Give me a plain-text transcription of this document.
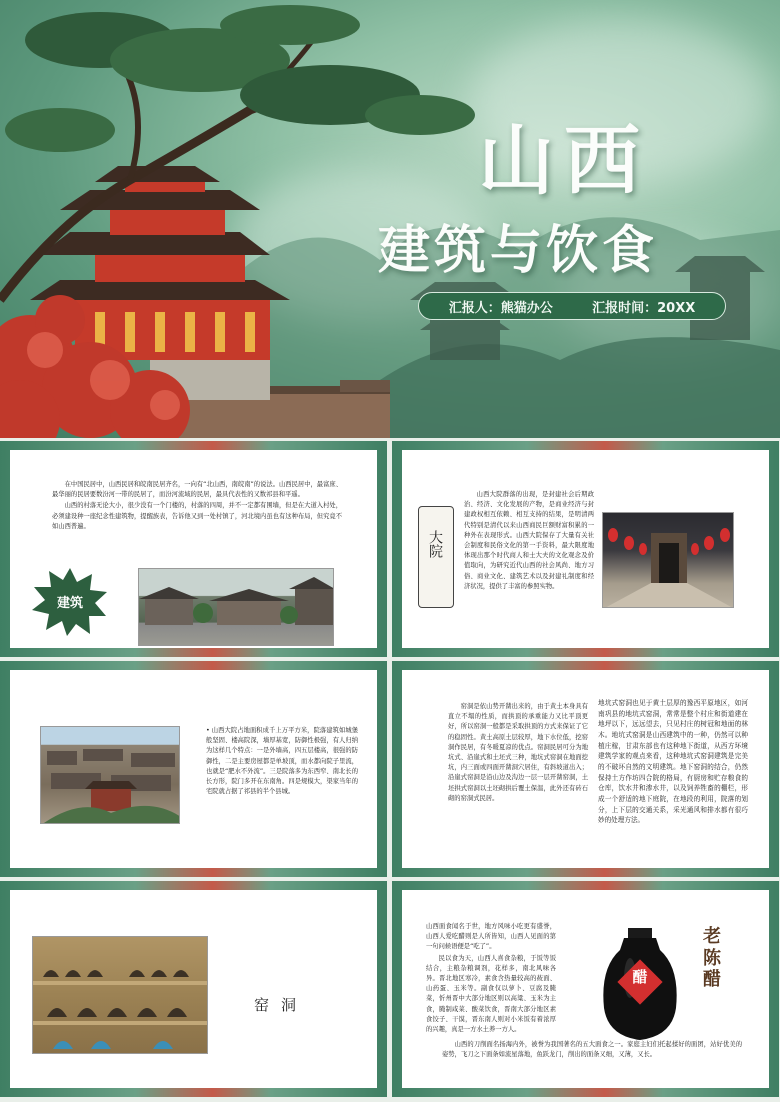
山西
建筑与饮食
汇报人：熊猫办公	汇报时间：20XX

在中国民居中，山西民居和皖南民居齐名，一向有“北山西，南皖南”的说法。山西民居中，最富庶、最华丽的民居要数汾河一带的民居了，而汾河流域的民居，最具代表性的又数祁县和平遥。

山西的村落无论大小，很少没有一个门楼的，村落的四周，并不一定都有围墙，但是在大道入村处，必须建设种一座纪念性建筑物，提醒族表，告诉他又到一处村镇了，河北境内虽也有这种布局，但究竟不如山西普遍。

建筑
大院

山西大院群落的出现，是封建社会后期政治、经济、文化发展的产物，是商业经济与封建政权相互依赖、相互支持的结果，是明清两代特别是清代以来山西商民巨额财富积累的一种外在表现形式。山西大院保存了大量有关社会制度和民俗文化的第一手资料，最大限度地体现出那个时代商人和士大夫的文化观念及价值取向，为研究近代山西的社会风尚、地方习俗、商业文化、建筑艺术以及封建礼制度和经济状况，提供了丰富的参照实物。

• 山西大院占地面积成千上万平方米，院落建筑如城堡般坚固、楼高院深，墙厚基宽，防御性极强，有人归纳为这样几个特点：一是外墙高，四五层楼高，很强的防御性，二是主要房屋都是单坡顶，而水都向院子里流，也就是“肥水不外流”。三是院落多为东西窄、南北长的长方形，院门多开在东南角。四是规模大，渠家当年的宅院就占据了祁县的半个县城。

窑洞是依山势开凿出来的，由于黄土本身具有直立不塌的性质，而拱顶的承重能力又比平顶更好，所以窑洞一般都是采取拱顶的方式来保证了它的稳固性。黄土高原土层较厚，地下水位低，挖窑洞作民居，有冬暖夏凉的优点。窑洞民居可分为地坑式、沿崖式和土坯式三种，地坑式窑洞在地面挖坑，内三面或四面开凿洞穴居住，有斜坡道出入；沿崖式窑洞是沿山边及沟边一层一层开凿窑洞，土坯拱式窑洞以土坯砌拱后覆土保温，此外还有砖石砌的窑洞式民居。

地坑式窑洞也见于黄土层厚的豫西平原地区，如河南巩县的地坑式窑洞，常常是整个村庄和街道建在地坪以下，远远望去，只见村庄的树冠和地面的林木。地坑式窑洞是山西建筑中的一种，仍然可以种植庄稼，甘肃东部也有这种地下街道，从西方环境建筑学家的观点来看，这种地坑式窑洞建筑是完美的不破坏自然的文明建筑。地下窑洞的结合，仍然保持土方作坊四合院的格局，有厨房和贮存粮食的仓库，饮水井和渗水井，以及饲养牲畜的棚栏，形成一个舒适的地下庭院，在地段的利用，院落的划分，上下层的交通关系，采光通风和排水都有很巧妙的处理方法。

窑洞

山西面食闻名于世，地方风味小吃更有盛誉，山西人爱吃醋则是人所皆知，山西人见面的第一句问候语便是“吃了”。

民以食为天，山西人喜食杂粮，于饭等饭结合，主粮杂粮调剂，花样多，南北风味各异。晋北地区寒冷，素食含热量较高的莜面、山药蛋、玉米等。副食仅以萝卜、豆腐及腌菜，忻州晋中大部分地区则以高粱、玉米为主食，腌制咸菜、酸菜饮食，晋南大部分地区素食饺子、干馍，晋东南人则对小米饭有着浓厚的兴趣，真是一方水土养一方人。

山西的刀削面名扬海内外，被誉为我国著名的五大面食之一。家庭主妇们托起揉好的面团，站好优美的姿势，飞刀之下面条如流星落地，鱼跃龙门，削出的面条又细，又薄，又长。

醋
老陈醋
